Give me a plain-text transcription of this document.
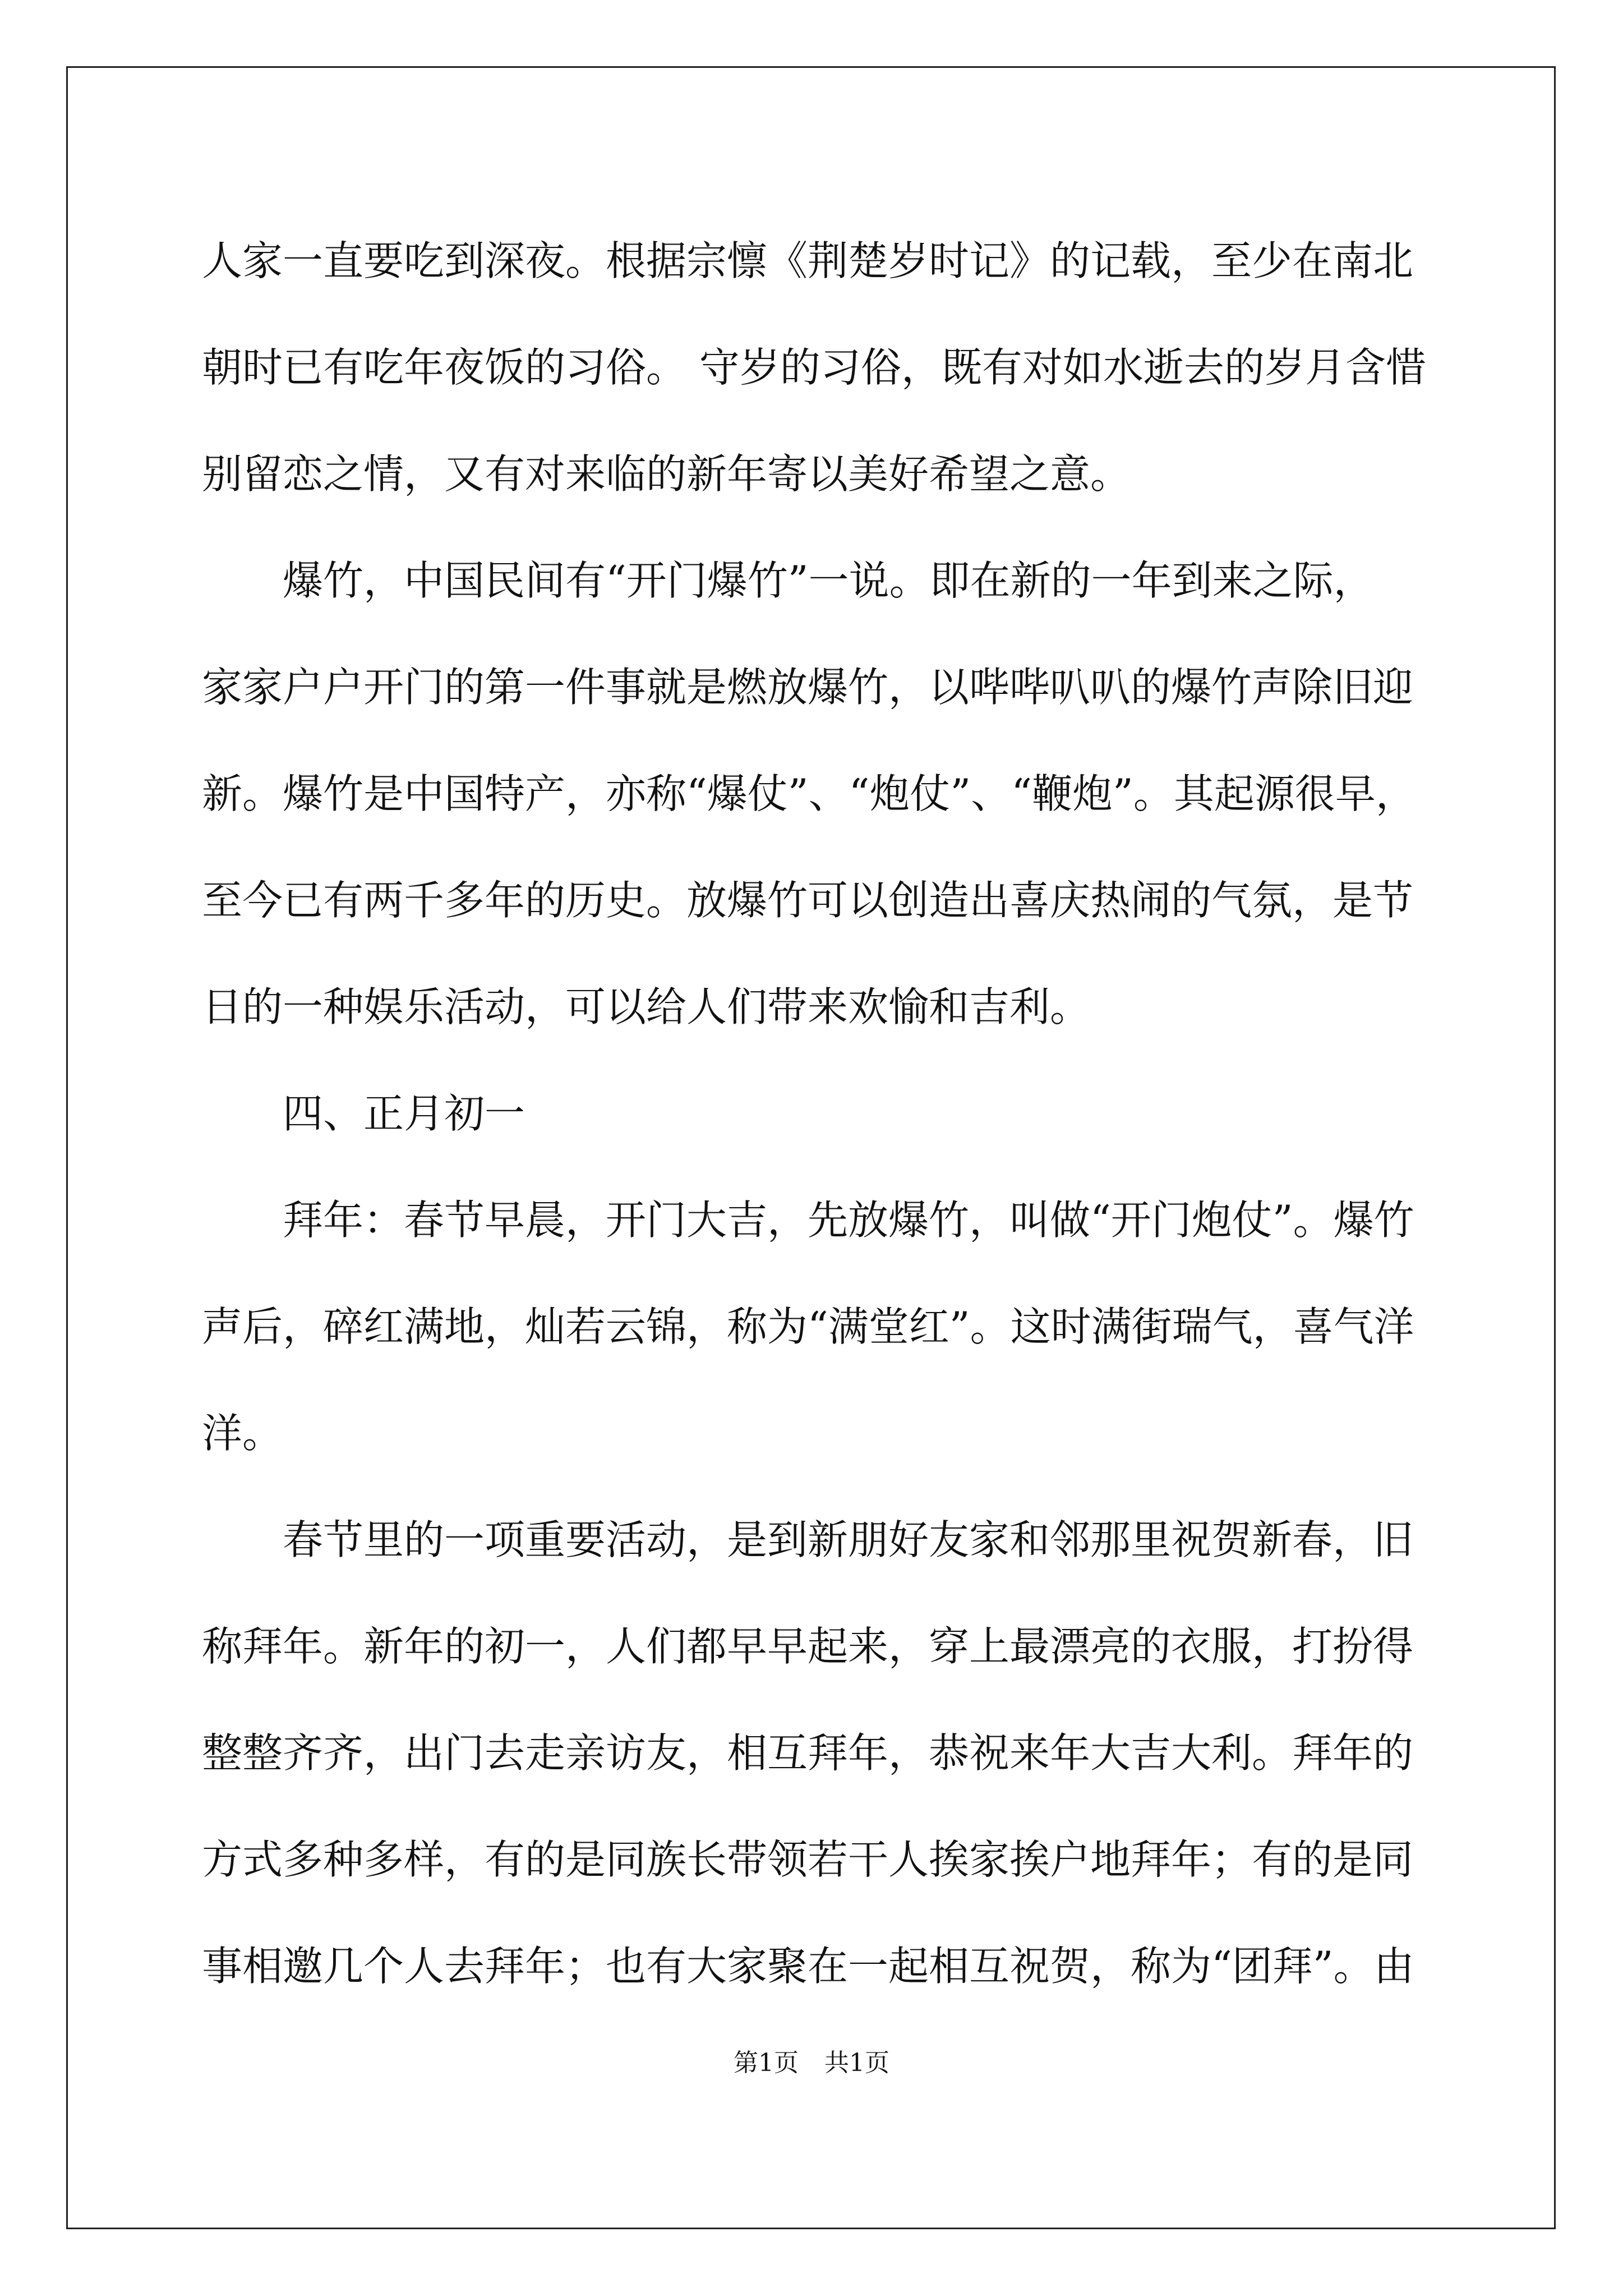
人家一直要吃到深夜。根据宗懔《荆楚岁时记》的记载，至少在南北
朝时已有吃年夜饭的习俗。 守岁的习俗，既有对如水逝去的岁月含惜
别留恋之情，又有对来临的新年寄以美好希望之意。
爆竹，中国民间有“开门爆竹”一说。即在新的一年到来之际，
家家户户开门的第一件事就是燃放爆竹，以哔哔叭叭的爆竹声除旧迎
新。爆竹是中国特产，亦称“爆仗”、“炮仗”、“鞭炮”。其起源很早，
至今已有两千多年的历史。放爆竹可以创造出喜庆热闹的气氛，是节
日的一种娱乐活动，可以给人们带来欢愉和吉利。
四、正月初一
拜年：春节早晨，开门大吉，先放爆竹，叫做“开门炮仗”。爆竹
声后，碎红满地，灿若云锦，称为“满堂红”。这时满街瑞气，喜气洋
洋。
春节里的一项重要活动，是到新朋好友家和邻那里祝贺新春，旧
称拜年。新年的初一，人们都早早起来，穿上最漂亮的衣服，打扮得
整整齐齐，出门去走亲访友，相互拜年，恭祝来年大吉大利。拜年的
方式多种多样，有的是同族长带领若干人挨家挨户地拜年；有的是同
事相邀几个人去拜年；也有大家聚在一起相互祝贺，称为“团拜”。由
第1页 共1页
